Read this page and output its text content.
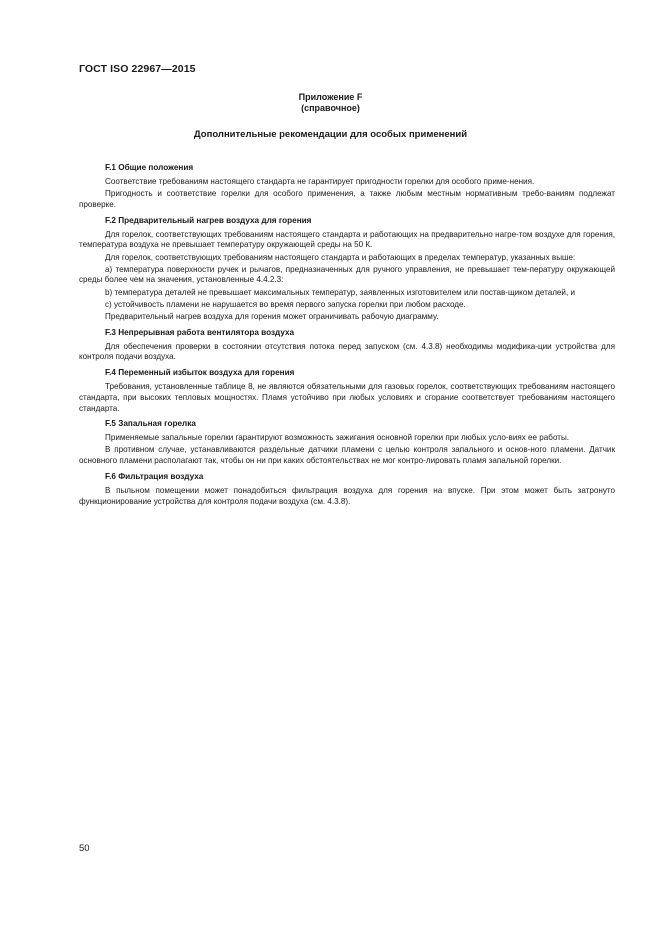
ГОСТ ISO 22967—2015
Приложение F
(справочное)
Дополнительные рекомендации для особых применений
F.1 Общие положения

Соответствие требованиям настоящего стандарта не гарантирует пригодности горелки для особого приме-нения.

Пригодность и соответствие горелки для особого применения, а также любым местным нормативным требо-ваниям подлежат проверке.

F.2 Предварительный нагрев воздуха для горения

Для горелок, соответствующих требованиям настоящего стандарта и работающих на предварительно нагре-том воздухе для горения, температура воздуха не превышает температуру окружающей среды на 50 К.

Для горелок, соответствующих требованиям настоящего стандарта и работающих в пределах температур, указанных выше:

а) температура поверхности ручек и рычагов, предназначенных для ручного управления, не превышает тем-пературу окружающей среды более чем на значения, установленные 4.4.2.3:

b) температура деталей не превышает максимальных температур, заявленных изготовителем или постав-щиком деталей, и

с) устойчивость пламени не нарушается во время первого запуска горелки при любом расходе.

Предварительный нагрев воздуха для горения может ограничивать рабочую диаграмму.

F.3 Непрерывная работа вентилятора воздуха

Для обеспечения проверки в состоянии отсутствия потока перед запуском (см. 4.3.8) необходимы модифика-ции устройства для контроля подачи воздуха.

F.4 Переменный избыток воздуха для горения

Требования, установленные таблице 8, не являются обязательными для газовых горелок, соответствующих требованиям настоящего стандарта, при высоких тепловых мощностях. Пламя устойчиво при любых условиях и сгорание соответствует требованиям настоящего стандарта.

F.5 Запальная горелка

Применяемые запальные горелки гарантируют возможность зажигания основной горелки при любых усло-виях ее работы.

В противном случае, устанавливаются раздельные датчики пламени с целью контроля запального и основ-ного пламени. Датчик основного пламени располагают так, чтобы он ни при каких обстоятельствах не мог контро-лировать пламя запальной горелки.

F.6 Фильтрация воздуха

В пыльном помещении может понадобиться фильтрация воздуха для горения на впуске. При этом может быть затронуто функционирование устройства для контроля подачи воздуха (см. 4.3.8).

50
